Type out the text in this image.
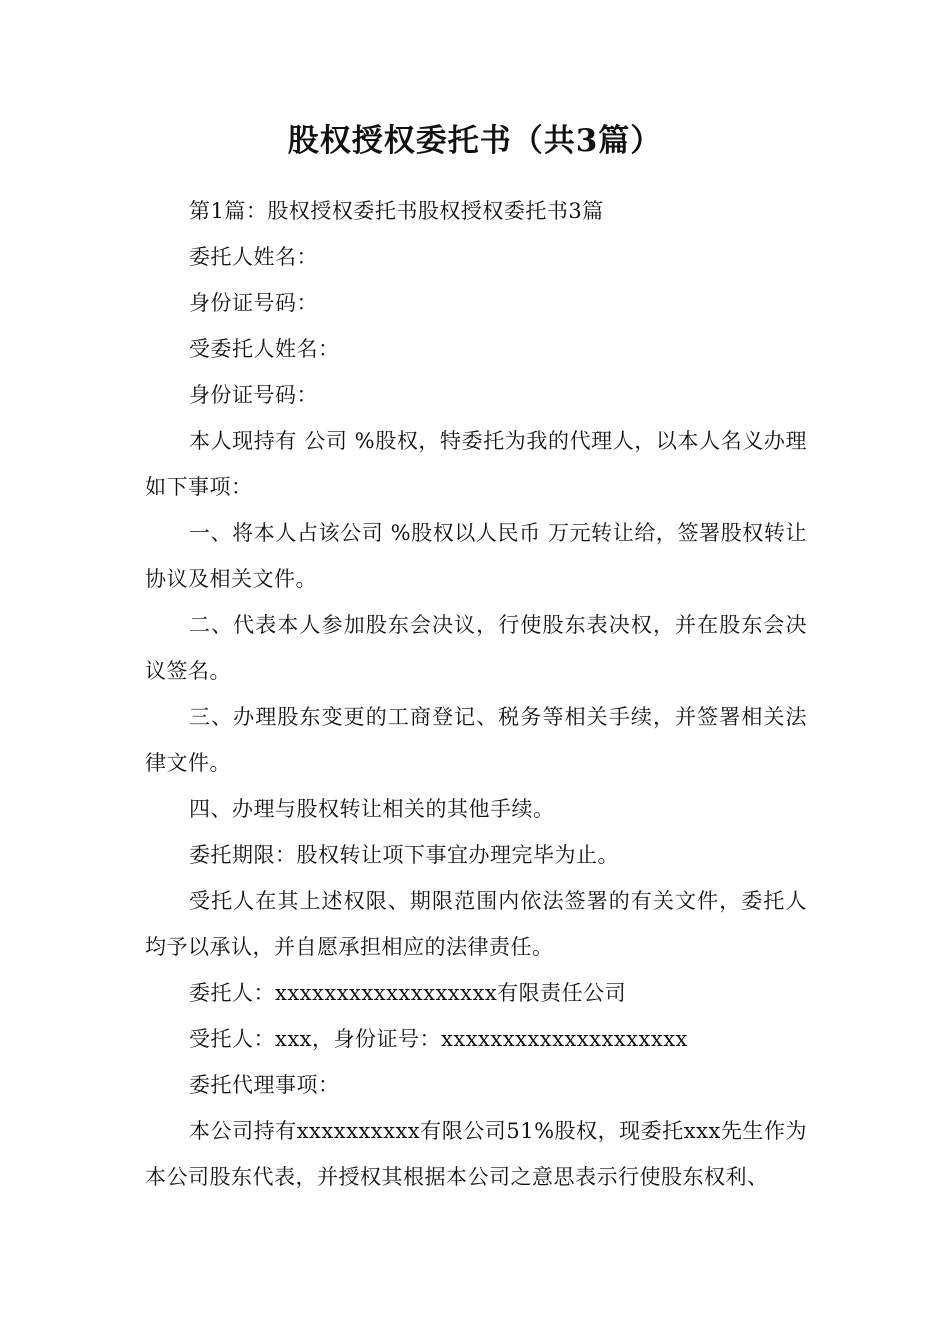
股权授权委托书（共3篇）

第1篇：股权授权委托书股权授权委托书3篇

委托人姓名：

身份证号码：

受委托人姓名：

身份证号码：

本人现持有 公司 %股权，特委托为我的代理人，以本人名义办理如下事项：

一、将本人占该公司 %股权以人民币 万元转让给，签署股权转让协议及相关文件。

二、代表本人参加股东会决议，行使股东表决权，并在股东会决议签名。

三、办理股东变更的工商登记、税务等相关手续，并签署相关法律文件。

四、办理与股权转让相关的其他手续。

委托期限：股权转让项下事宜办理完毕为止。

受托人在其上述权限、期限范围内依法签署的有关文件，委托人 均予以承认，并自愿承担相应的法律责任。

委托人：xxxxxxxxxxxxxxxxxx有限责任公司

受托人：xxx，身份证号：xxxxxxxxxxxxxxxxxxxx

委托代理事项：

本公司持有xxxxxxxxxx有限公司51%股权，现委托xxx先生作为本公司股东代表，并授权其根据本公司之意思表示行使股东权利、
